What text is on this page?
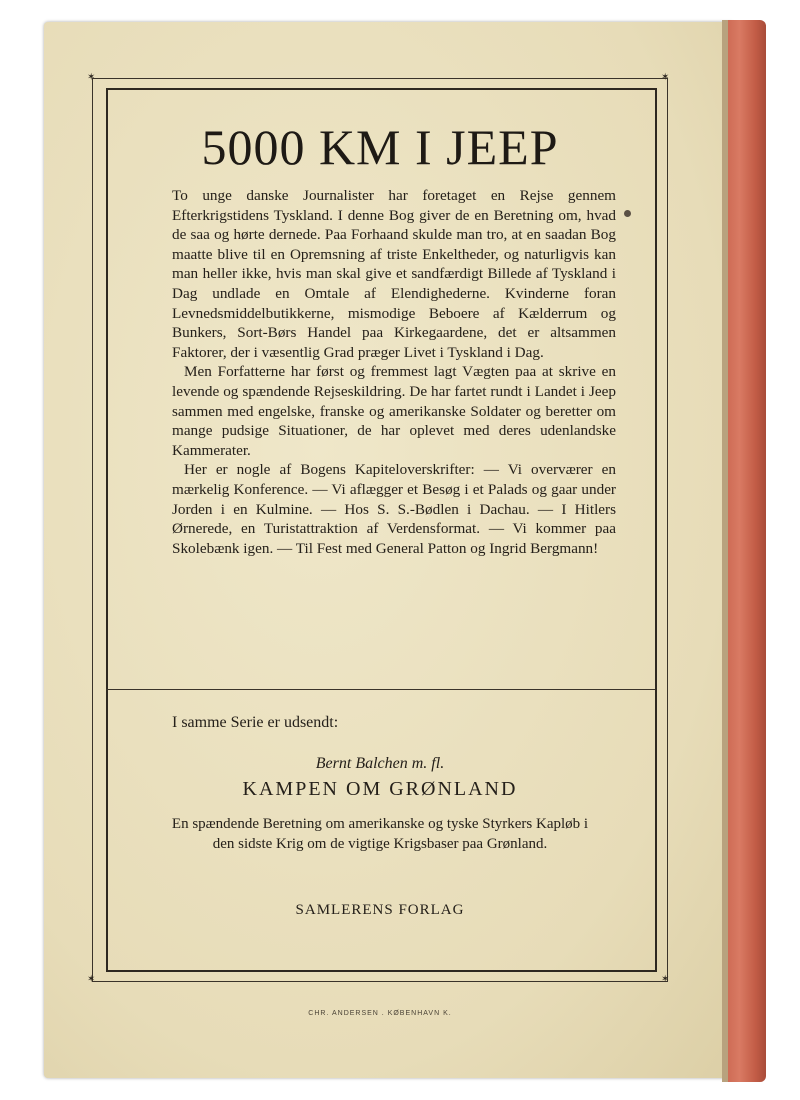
✶	✶
✶	✶
5000 KM I JEEP

To unge danske Journalister har foretaget en Rejse gennem Efterkrigstidens Tyskland. I denne Bog giver de en Beretning om, hvad de saa og hørte dernede. Paa Forhaand skulde man tro, at en saadan Bog maatte blive til en Opremsning af triste Enkeltheder, og naturligvis kan man heller ikke, hvis man skal give et sandfærdigt Billede af Tyskland i Dag undlade en Omtale af Elendighederne. Kvinderne foran Levnedsmiddelbutikkerne, mismodige Beboere af Kælderrum og Bunkers, Sort-Børs Handel paa Kirkegaardene, det er altsammen Faktorer, der i væsentlig Grad præger Livet i Tyskland i Dag.

Men Forfatterne har først og fremmest lagt Vægten paa at skrive en levende og spændende Rejseskildring. De har fartet rundt i Landet i Jeep sammen med engelske, franske og amerikanske Soldater og beretter om mange pudsige Situationer, de har oplevet med deres udenlandske Kammerater.

Her er nogle af Bogens Kapiteloverskrifter: — Vi overværer en mærkelig Konference. — Vi aflægger et Besøg i et Palads og gaar under Jorden i en Kulmine. — Hos S. S.-Bødlen i Dachau. — I Hitlers Ørnerede, en Turistattraktion af Verdensformat. — Vi kommer paa Skolebænk igen. — Til Fest med General Patton og Ingrid Bergmann!

I samme Serie er udsendt:
Bernt Balchen m. fl.
KAMPEN OM GRØNLAND
En spændende Beretning om amerikanske og tyske Styrkers Kapløb i den sidste Krig om de vigtige Krigsbaser paa Grønland.
SAMLERENS FORLAG
CHR. ANDERSEN . KØBENHAVN K.
